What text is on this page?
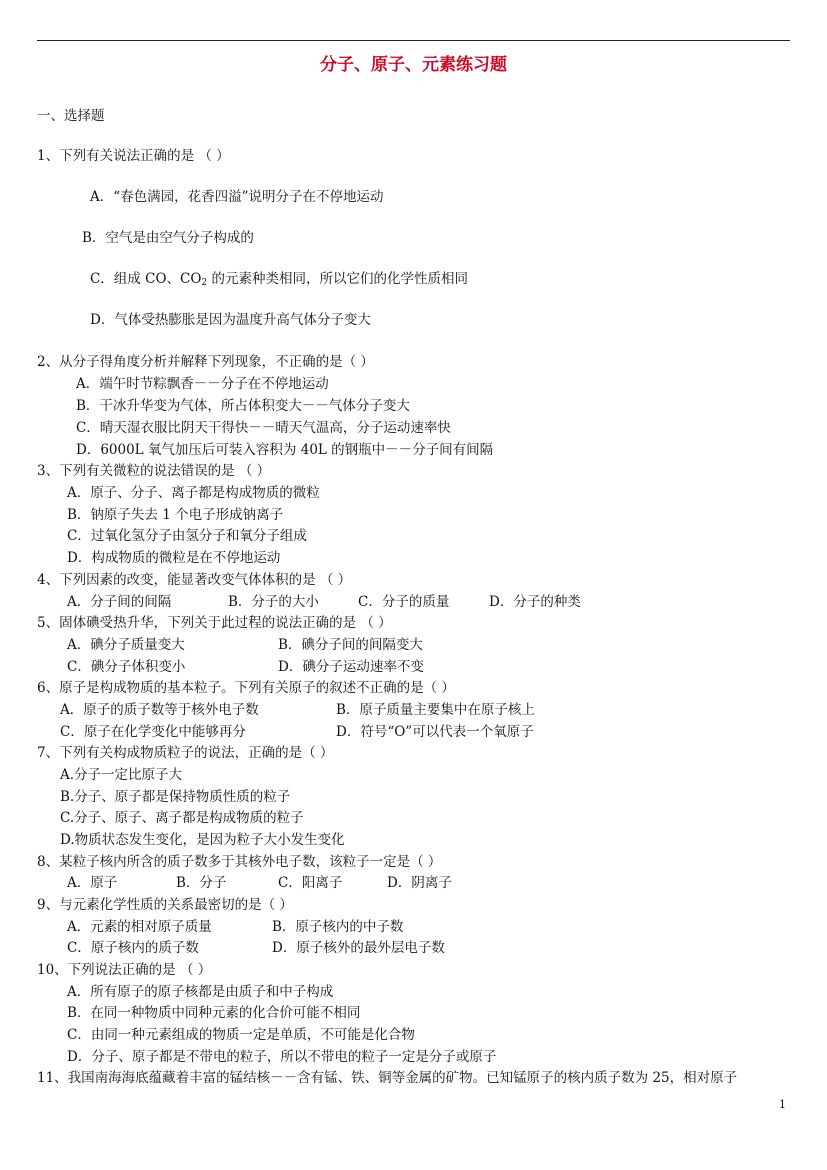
分子、原子、元素练习题
一、选择题
1、下列有关说法正确的是 （ ）
A．“春色满园，花香四溢”说明分子在不停地运动
B．空气是由空气分子构成的
C．组成 CO、$CO_2$ 的元素种类相同，所以它们的化学性质相同
D．气体受热膨胀是因为温度升高气体分子变大
2、从分子得角度分析并解释下列现象，不正确的是（ ）
A．端午时节粽飘香－－分子在不停地运动
B．干冰升华变为气体，所占体积变大－－气体分子变大
C．晴天湿衣服比阴天干得快－－晴天气温高，分子运动速率快
D．6000L 氧气加压后可装入容积为 40L 的钢瓶中－－分子间有间隔
3、下列有关微粒的说法错误的是 （ ）
A．原子、分子、离子都是构成物质的微粒
B．钠原子失去 1 个电子形成钠离子
C．过氧化氢分子由氢分子和氧分子组成
D．构成物质的微粒是在不停地运动
4、下列因素的改变，能显著改变气体体积的是 （ ）
A．分子间的间隔	B．分子的大小	C．分子的质量	D．分子的种类
5、固体碘受热升华，下列关于此过程的说法正确的是 （ ）
A．碘分子质量变大	B．碘分子间的间隔变大
C．碘分子体积变小	D．碘分子运动速率不变
6、原子是构成物质的基本粒子。下列有关原子的叙述不正确的是（ ）
A．原子的质子数等于核外电子数	B．原子质量主要集中在原子核上
C．原子在化学变化中能够再分	D．符号“O”可以代表一个氧原子
7、下列有关构成物质粒子的说法，正确的是（ ）
A.分子一定比原子大
B.分子、原子都是保持物质性质的粒子
C.分子、原子、离子都是构成物质的粒子
D.物质状态发生变化，是因为粒子大小发生变化
8、某粒子核内所含的质子数多于其核外电子数，该粒子一定是（ ）
A．原子	B．分子	C．阳离子	D．阴离子
9、与元素化学性质的关系最密切的是（ ）
A．元素的相对原子质量	B．原子核内的中子数
C．原子核内的质子数	D．原子核外的最外层电子数
10、下列说法正确的是 （ ）
A．所有原子的原子核都是由质子和中子构成
B．在同一种物质中同种元素的化合价可能不相同
C．由同一种元素组成的物质一定是单质，不可能是化合物
D．分子、原子都是不带电的粒子，所以不带电的粒子一定是分子或原子
11、我国南海海底蕴藏着丰富的锰结核－－含有锰、铁、铜等金属的矿物。已知锰原子的核内质子数为 25，相对原子
1
